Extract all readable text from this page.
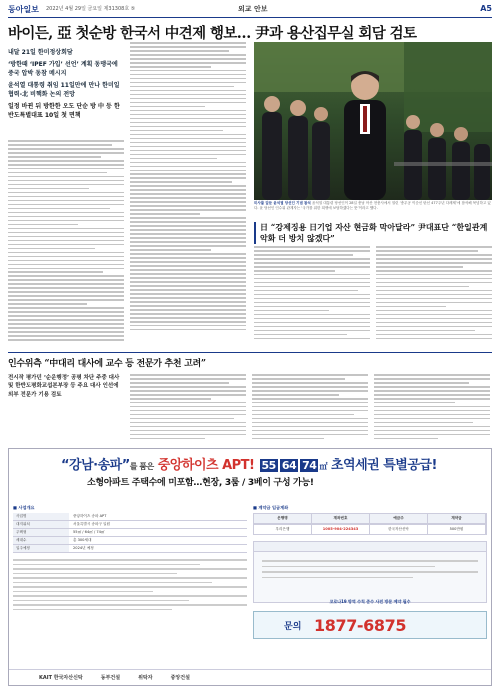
동아일보 2022년 4월 29일 금요일 제31308호 ⑤	외교 안보	A5
바이든, 亞 첫순방 한국서 中견제 행보… 尹과 용산집무실 회담 검토
내달 21일 한미정상회담
‘방한때 ‘IPEF 가입’ 선언’ 계획 동맹국에 중국 압박 동참 메시지
윤석열 대통령 취임 11일만에 만나 한미일 협력-北 비핵화 논의 전망
일정 바뀐 뒤 방한한 오도 단순 방 中 등 한반도특별대표 10일 첫 면책
미사를 앞둔 윤석열 당선인 기념 참석 윤석열 대통령 당선인이 28일 충남 아산 현충사에서 열린 ‘충무공 이순신 탄신 477주년 다례제’에 참석해 묵념하고 있다. 윤 당선인 인수위 관계자는 ‘국가를 위한 희생에 보답하겠다는 뜻’이라고 했다.
日 “강제징용 日기업 자산 현금화 막아달라” 尹대표단 “한일관계 악화 더 방치 않겠다”
인수위측 “中대리 대사에 교수 등 전문가 추천 고려”
전시작 평가던 ‘순운행정’ 공평 차단 주중 대사 및 한반도평화교섭본부장 등 주요 대사 인선에 외부 전문가 기용 검토
“강남·송파”를 품은 중앙하이츠 APT! 55 64 74 ㎡ 초역세권 특별공급!
소형아파트 주택수에 미포함…현장, 3룸 / 3베이 구성 가능!
■ 사업개요
사업명	중앙하이츠 송파 APT
대지위치	서울특별시 송파구 일원
주택형	55㎡ / 64㎡ / 74㎡
세대수	총 300세대
입주예정	2024년 예정
■ 계약금 입금계좌
은행명	계좌번호	예금주	계약금
우리은행	1005-904-224343	한국자산신탁	500만원
코로나19 방역 수칙 준수 사전 방문 예약 필수
문의 1877-6875
KAIT 한국자산신탁	동부건설	위탁자	중앙건설
